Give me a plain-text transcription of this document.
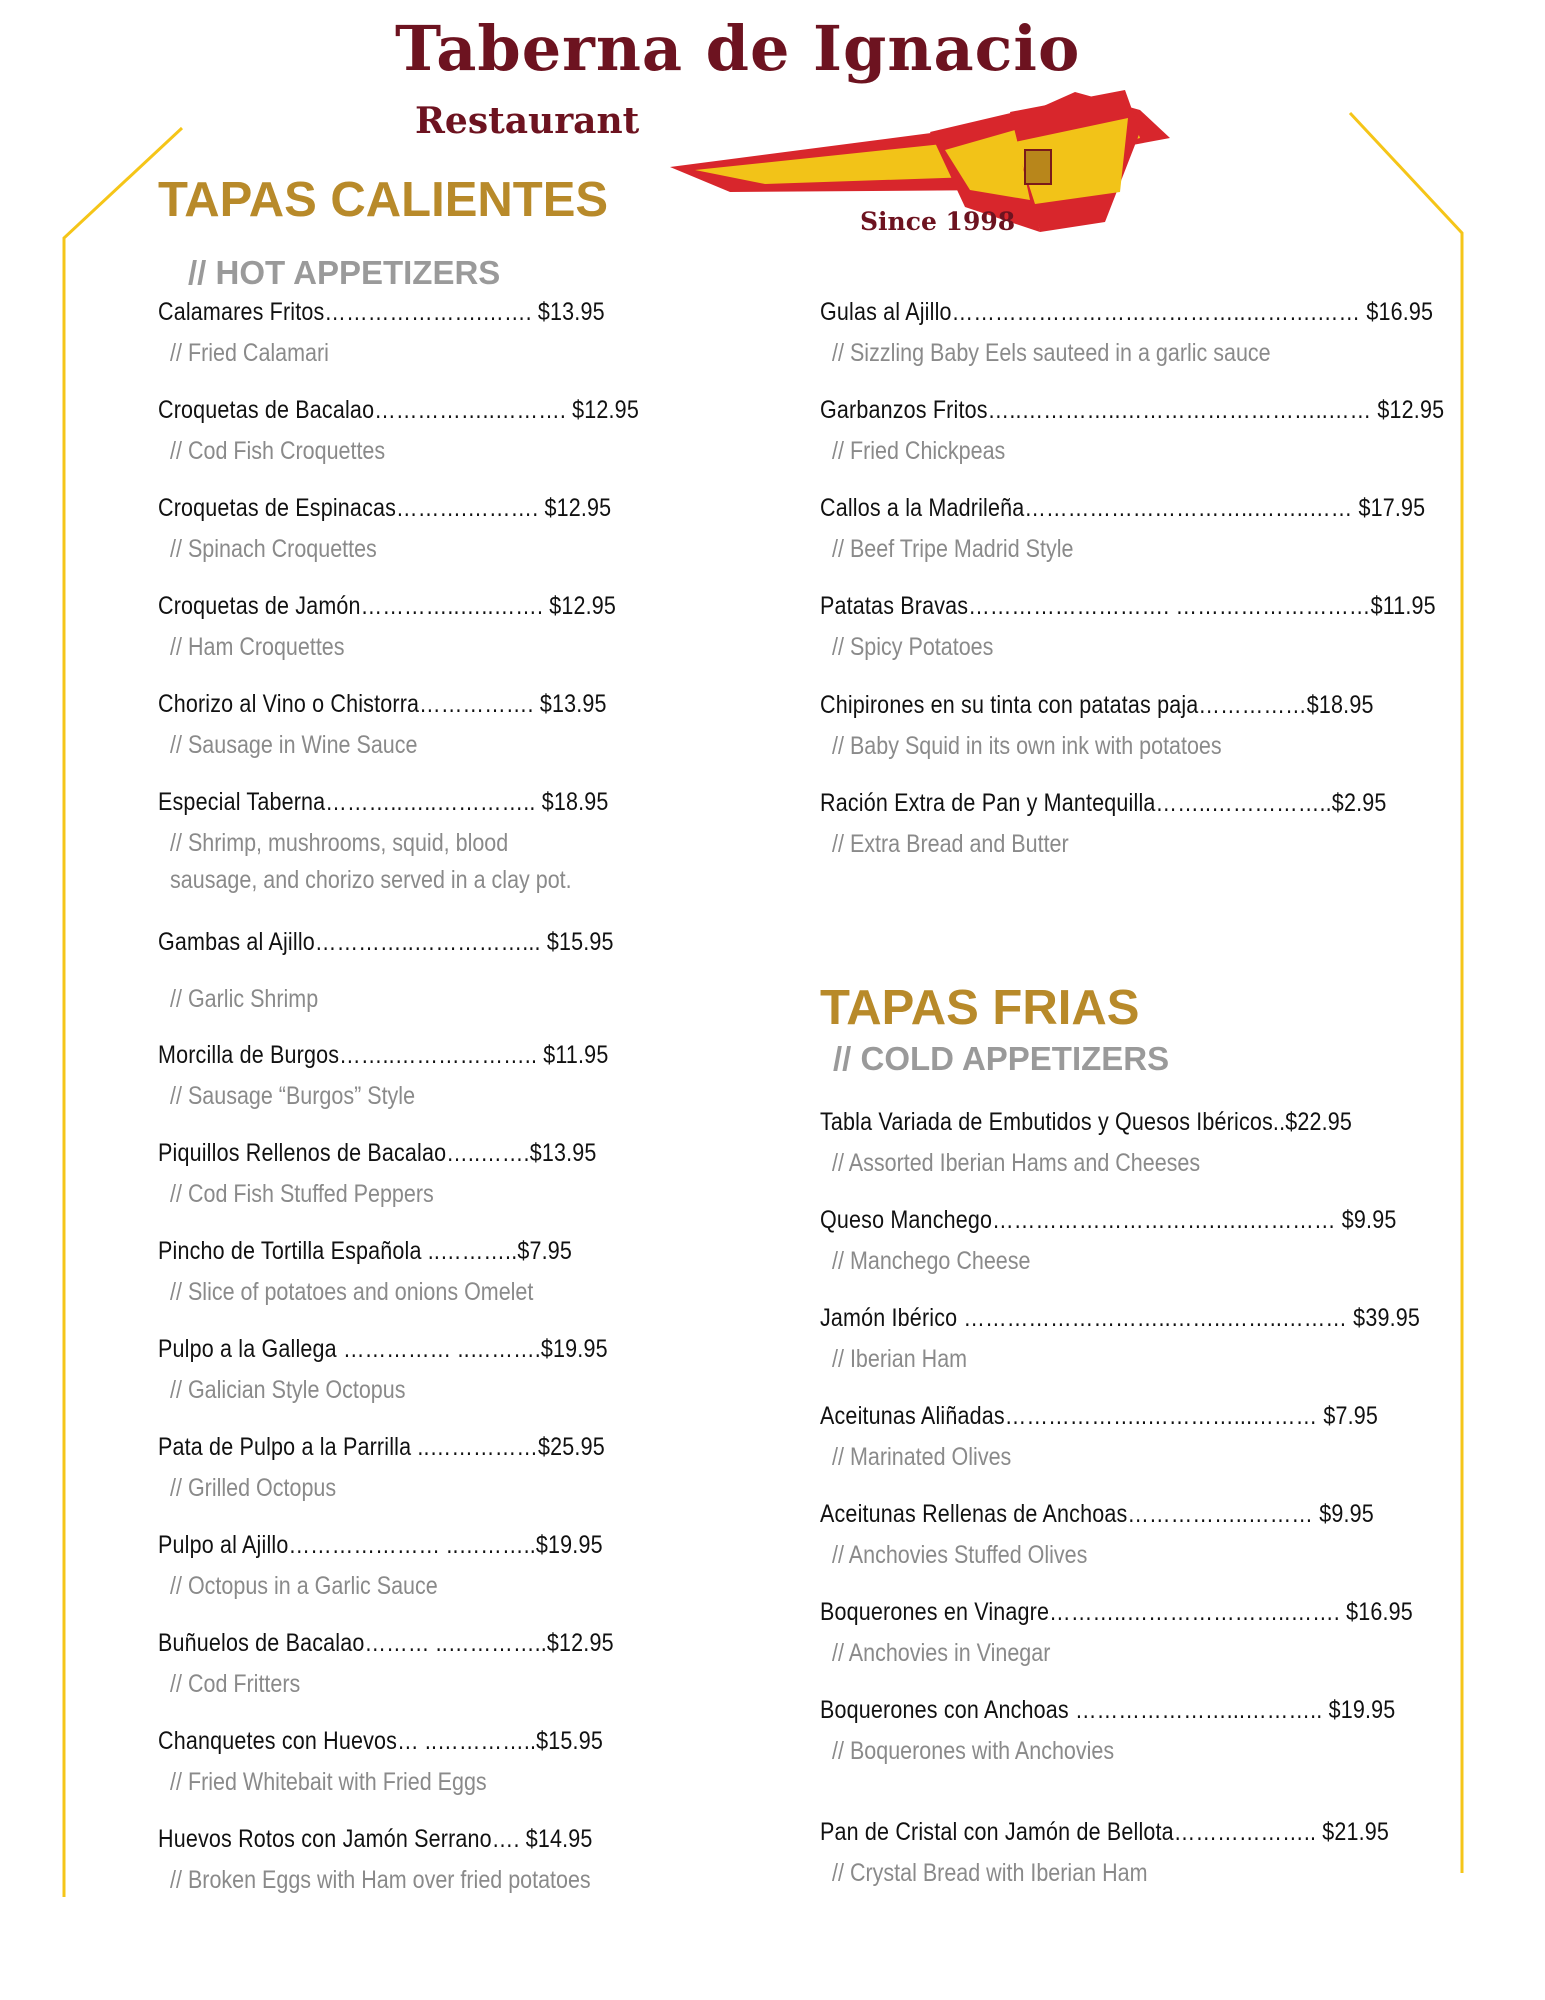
Taberna de Ignacio
Restaurant
Since 1998
TAPAS CALIENTES
// HOT APPETIZERS
TAPAS FRIAS
// COLD APPETIZERS
Calamares Fritos………………….……. $13.95
// Fried Calamari
Croquetas de Bacalao……………..………. $12.95
// Cod Fish Croquettes
Croquetas de Espinacas……….………. $12.95
// Spinach Croquettes
Croquetas de Jamón…………..…..……. $12.95
// Ham Croquettes
Chorizo al Vino o Chistorra……………. $13.95
// Sausage in Wine Sauce
Especial Taberna………..…..………….. $18.95
// Shrimp, mushrooms, squid, blood
sausage, and chorizo served in a clay pot.
Gambas al Ajillo…………..……………... $15.95
// Garlic Shrimp
Morcilla de Burgos……..……………….. $11.95
// Sausage “Burgos” Style
Piquillos Rellenos de Bacalao…..…….$13.95
// Cod Fish Stuffed Peppers
Pincho de Tortilla Española ..………..$7.95
// Slice of potatoes and onions Omelet
Pulpo a la Gallega …………… ..……….$19.95
// Galician Style Octopus
Pata de Pulpo a la Parrilla ..……………$25.95
// Grilled Octopus
Pulpo al Ajillo………………… ..………..$19.95
// Octopus in a Garlic Sauce
Buñuelos de Bacalao……… ..…………..$12.95
// Cod Fritters
Chanquetes con Huevos… ..…………..$15.95
// Fried Whitebait with Fried Eggs
Huevos Rotos con Jamón Serrano…. $14.95
// Broken Eggs with Ham over fried potatoes
Gulas al Ajillo…………………………………..……….…… $16.95
// Sizzling Baby Eels sauteed in a garlic sauce
Garbanzos Fritos…..…………..………………………..…… $12.95
// Fried Chickpeas
Callos a la Madrileña…………………………..……..…… $17.95
// Beef Tripe Madrid Style
Patatas Bravas………………………. ………………………$11.95
// Spicy Potatoes
Chipirones en su tinta con patatas paja……………$18.95
// Baby Squid in its own ink with potatoes
Ración Extra de Pan y Mantequilla……..……………..$2.95
// Extra Bread and Butter
Tabla Variada de Embutidos y Quesos Ibéricos..$22.95
// Assorted Iberian Hams and Cheeses
Queso Manchego………………………….…..………… $9.95
// Manchego Cheese
Jamón Ibérico ………………………..……..……..……… $39.95
// Iberian Ham
Aceitunas Aliñadas………………..…………...……… $7.95
// Marinated Olives
Aceitunas Rellenas de Anchoas……………..……… $9.95
// Anchovies Stuffed Olives
Boquerones en Vinagre………..…………………..……. $16.95
// Anchovies in Vinegar
Boquerones con Anchoas …………………...……….. $19.95
// Boquerones with Anchovies
Pan de Cristal con Jamón de Bellota……………….. $21.95
// Crystal Bread with Iberian Ham
